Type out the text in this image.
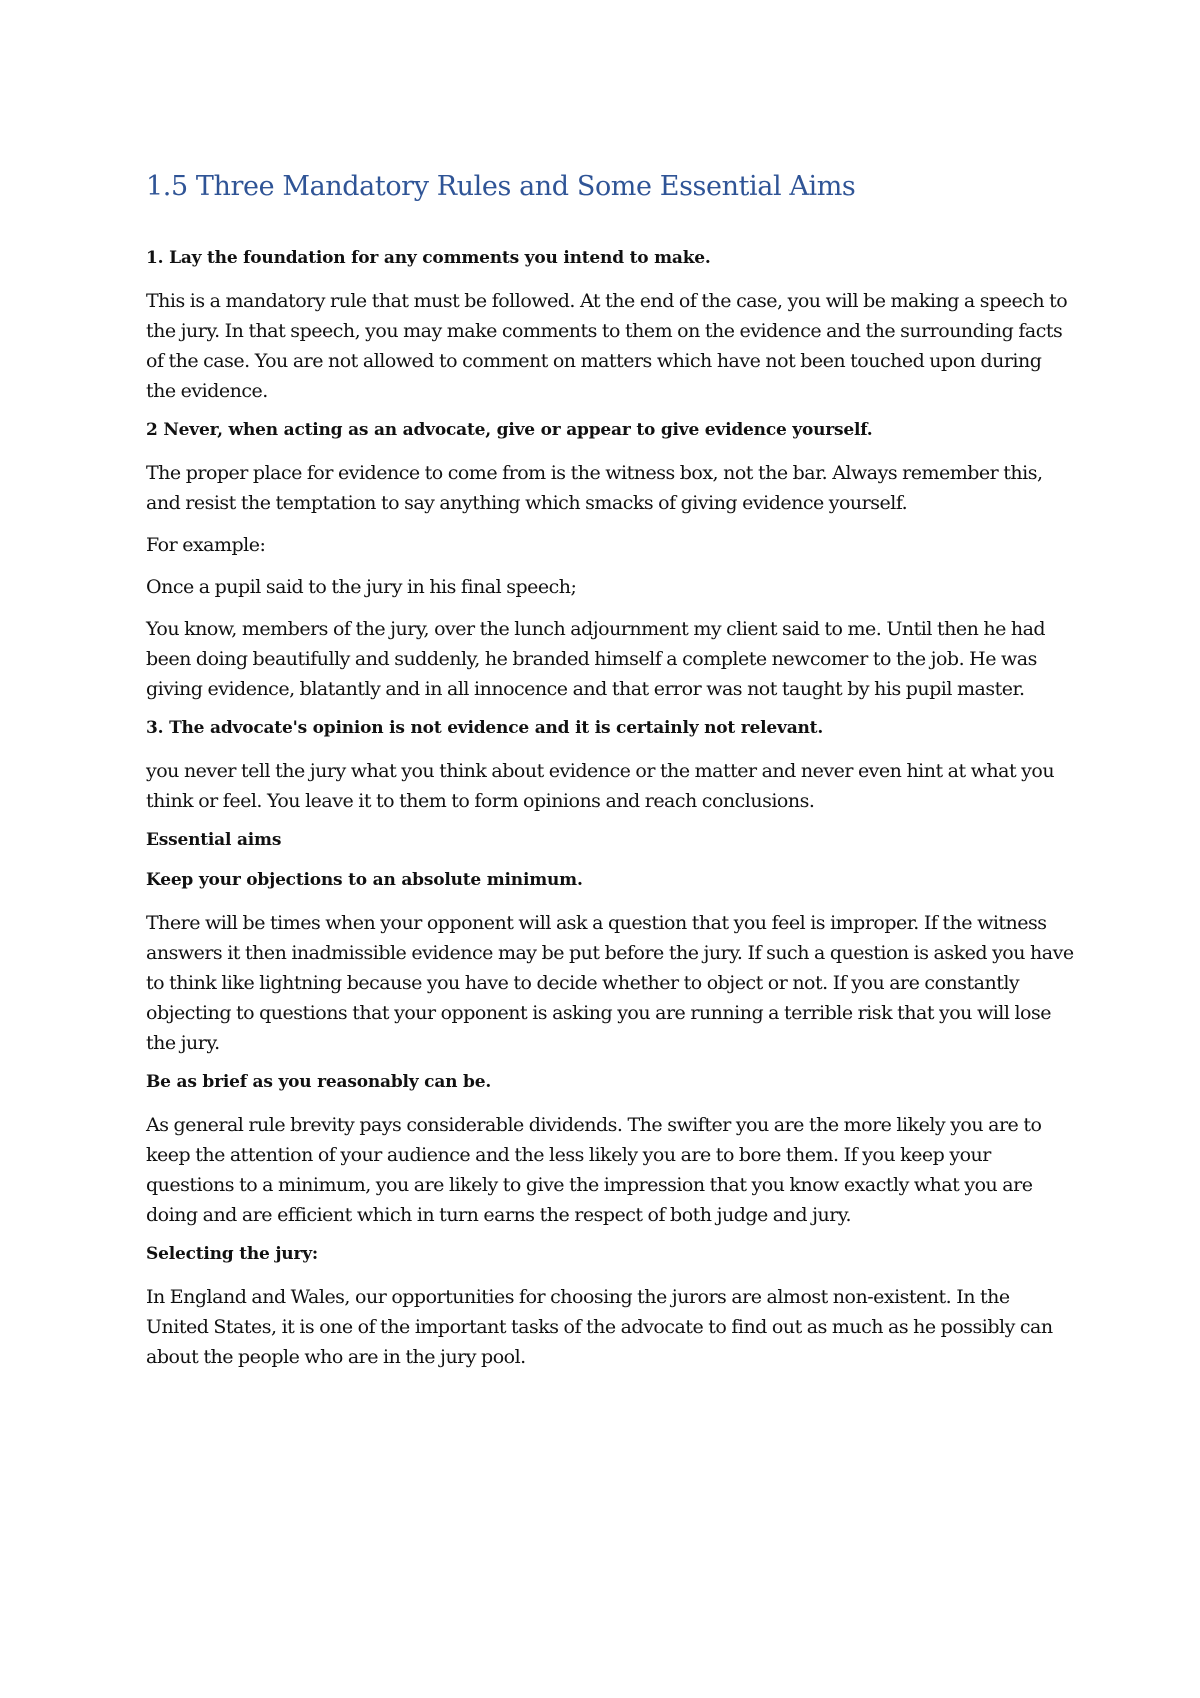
1.5 Three Mandatory Rules and Some Essential Aims

1. Lay the foundation for any comments you intend to make.

This is a mandatory rule that must be followed. At the end of the case, you will be making a speech to the jury. In that speech, you may make comments to them on the evidence and the surrounding facts of the case. You are not allowed to comment on matters which have not been touched upon during the evidence.

2 Never, when acting as an advocate, give or appear to give evidence yourself.

The proper place for evidence to come from is the witness box, not the bar. Always remember this, and resist the temptation to say anything which smacks of giving evidence yourself.

For example:

Once a pupil said to the jury in his final speech;

You know, members of the jury, over the lunch adjournment my client said to me. Until then he had been doing beautifully and suddenly, he branded himself a complete newcomer to the job. He was giving evidence, blatantly and in all innocence and that error was not taught by his pupil master.

3. The advocate's opinion is not evidence and it is certainly not relevant.

you never tell the jury what you think about evidence or the matter and never even hint at what you think or feel. You leave it to them to form opinions and reach conclusions.

Essential aims

Keep your objections to an absolute minimum.

There will be times when your opponent will ask a question that you feel is improper. If the witness answers it then inadmissible evidence may be put before the jury. If such a question is asked you have to think like lightning because you have to decide whether to object or not. If you are constantly objecting to questions that your opponent is asking you are running a terrible risk that you will lose the jury.

Be as brief as you reasonably can be.

As general rule brevity pays considerable dividends. The swifter you are the more likely you are to keep the attention of your audience and the less likely you are to bore them. If you keep your questions to a minimum, you are likely to give the impression that you know exactly what you are doing and are efficient which in turn earns the respect of both judge and jury.

Selecting the jury:

In England and Wales, our opportunities for choosing the jurors are almost non-existent. In the United States, it is one of the important tasks of the advocate to find out as much as he possibly can about the people who are in the jury pool.
